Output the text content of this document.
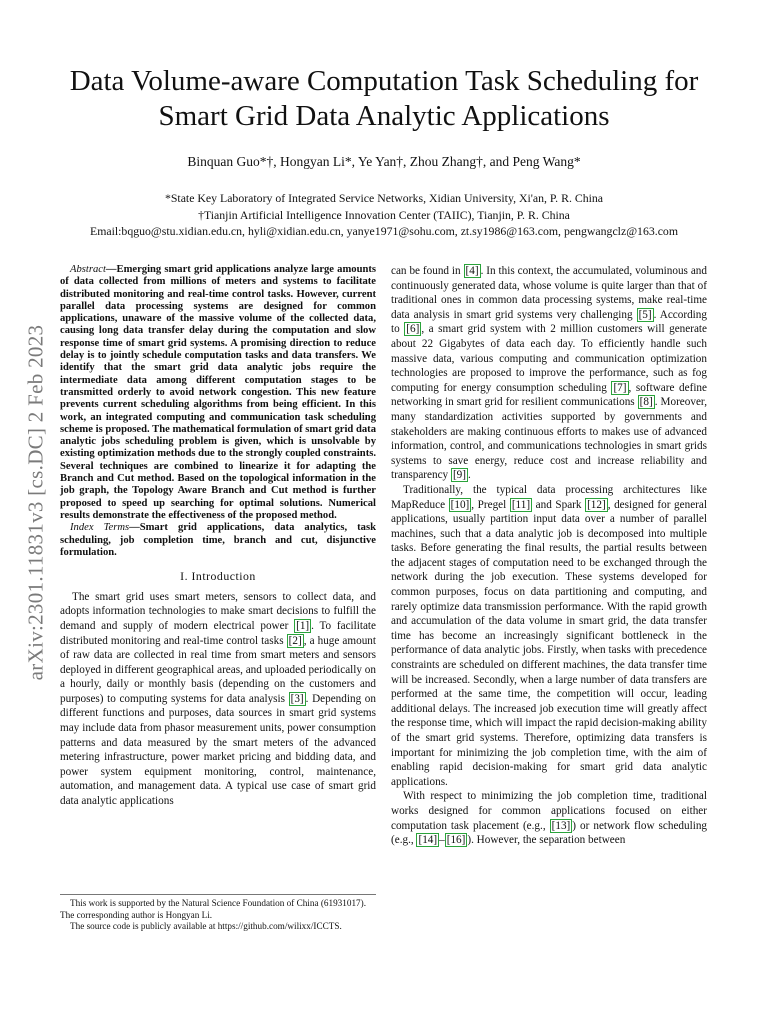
arXiv:2301.11831v3 [cs.DC] 2 Feb 2023
Data Volume-aware Computation Task Scheduling for Smart Grid Data Analytic Applications

Binquan Guo*†, Hongyan Li*, Ye Yan†, Zhou Zhang†, and Peng Wang*

*State Key Laboratory of Integrated Service Networks, Xidian University, Xi'an, P. R. China
†Tianjin Artificial Intelligence Innovation Center (TAIIC), Tianjin, P. R. China
Email:bqguo@stu.xidian.edu.cn, hyli@xidian.edu.cn, yanye1971@sohu.com, zt.sy1986@163.com, pengwangclz@163.com

Abstract—Emerging smart grid applications analyze large amounts of data collected from millions of meters and systems to facilitate distributed monitoring and real-time control tasks. However, current parallel data processing systems are designed for common applications, unaware of the massive volume of the collected data, causing long data transfer delay during the computation and slow response time of smart grid systems. A promising direction to reduce delay is to jointly schedule computation tasks and data transfers. We identify that the smart grid data analytic jobs require the intermediate data among different computation stages to be transmitted orderly to avoid network congestion. This new feature prevents current scheduling algorithms from being efficient. In this work, an integrated computing and communication task scheduling scheme is proposed. The mathematical formulation of smart grid data analytic jobs scheduling problem is given, which is unsolvable by existing optimization methods due to the strongly coupled constraints. Several techniques are combined to linearize it for adapting the Branch and Cut method. Based on the topological information in the job graph, the Topology Aware Branch and Cut method is further proposed to speed up searching for optimal solutions. Numerical results demonstrate the effectiveness of the proposed method.

Index Terms—Smart grid applications, data analytics, task scheduling, job completion time, branch and cut, disjunctive formulation.

I. Introduction

The smart grid uses smart meters, sensors to collect data, and adopts information technologies to make smart decisions to fulfill the demand and supply of modern electrical power [1] . To facilitate distributed monitoring and real-time control tasks [2] , a huge amount of raw data are collected in real time from smart meters and sensors deployed in different geographical areas, and uploaded periodically on a hourly, daily or monthly basis (depending on the customers and purposes) to computing systems for data analysis [3] . Depending on different functions and purposes, data sources in smart grid systems may include data from phasor measurement units, power consumption patterns and data measured by the smart meters of the advanced metering infrastructure, power market pricing and bidding data, and power system equipment monitoring, control, maintenance, automation, and management data. A typical use case of smart grid data analytic applications

This work is supported by the Natural Science Foundation of China (61931017). The corresponding author is Hongyan Li.
The source code is publicly available at https://github.com/wilixx/ICCTS.

can be found in [4] . In this context, the accumulated, voluminous and continuously generated data, whose volume is quite larger than that of traditional ones in common data processing systems, make real-time data analysis in smart grid systems very challenging [5] . According to [6] , a smart grid system with 2 million customers will generate about 22 Gigabytes of data each day. To efficiently handle such massive data, various computing and communication optimization technologies are proposed to improve the performance, such as fog computing for energy consumption scheduling [7] , software define networking in smart grid for resilient communications [8] . Moreover, many standardization activities supported by governments and stakeholders are making continuous efforts to makes use of advanced information, control, and communications technologies in smart grids systems to save energy, reduce cost and increase reliability and transparency [9] .

Traditionally, the typical data processing architectures like MapReduce [10] , Pregel [11] and Spark [12] , designed for general applications, usually partition input data over a number of parallel machines, such that a data analytic job is decomposed into multiple tasks. Before generating the final results, the partial results between the adjacent stages of computation need to be exchanged through the network during the job execution. These systems developed for common purposes, focus on data partitioning and computing, and rarely optimize data transmission performance. With the rapid growth and accumulation of the data volume in smart grid, the data transfer time has become an increasingly significant bottleneck in the performance of data analytic jobs. Firstly, when tasks with precedence constraints are scheduled on different machines, the data transfer time will be increased. Secondly, when a large number of data transfers are performed at the same time, the competition will occur, leading additional delays. The increased job execution time will greatly affect the response time, which will impact the rapid decision-making ability of the smart grid systems. Therefore, optimizing data transfers is important for minimizing the job completion time, with the aim of enabling rapid decision-making for smart grid data analytic applications.

With respect to minimizing the job completion time, traditional works designed for common applications focused on either computation task placement (e.g., [13] ) or network flow scheduling (e.g., [14] – [16] ). However, the separation between
